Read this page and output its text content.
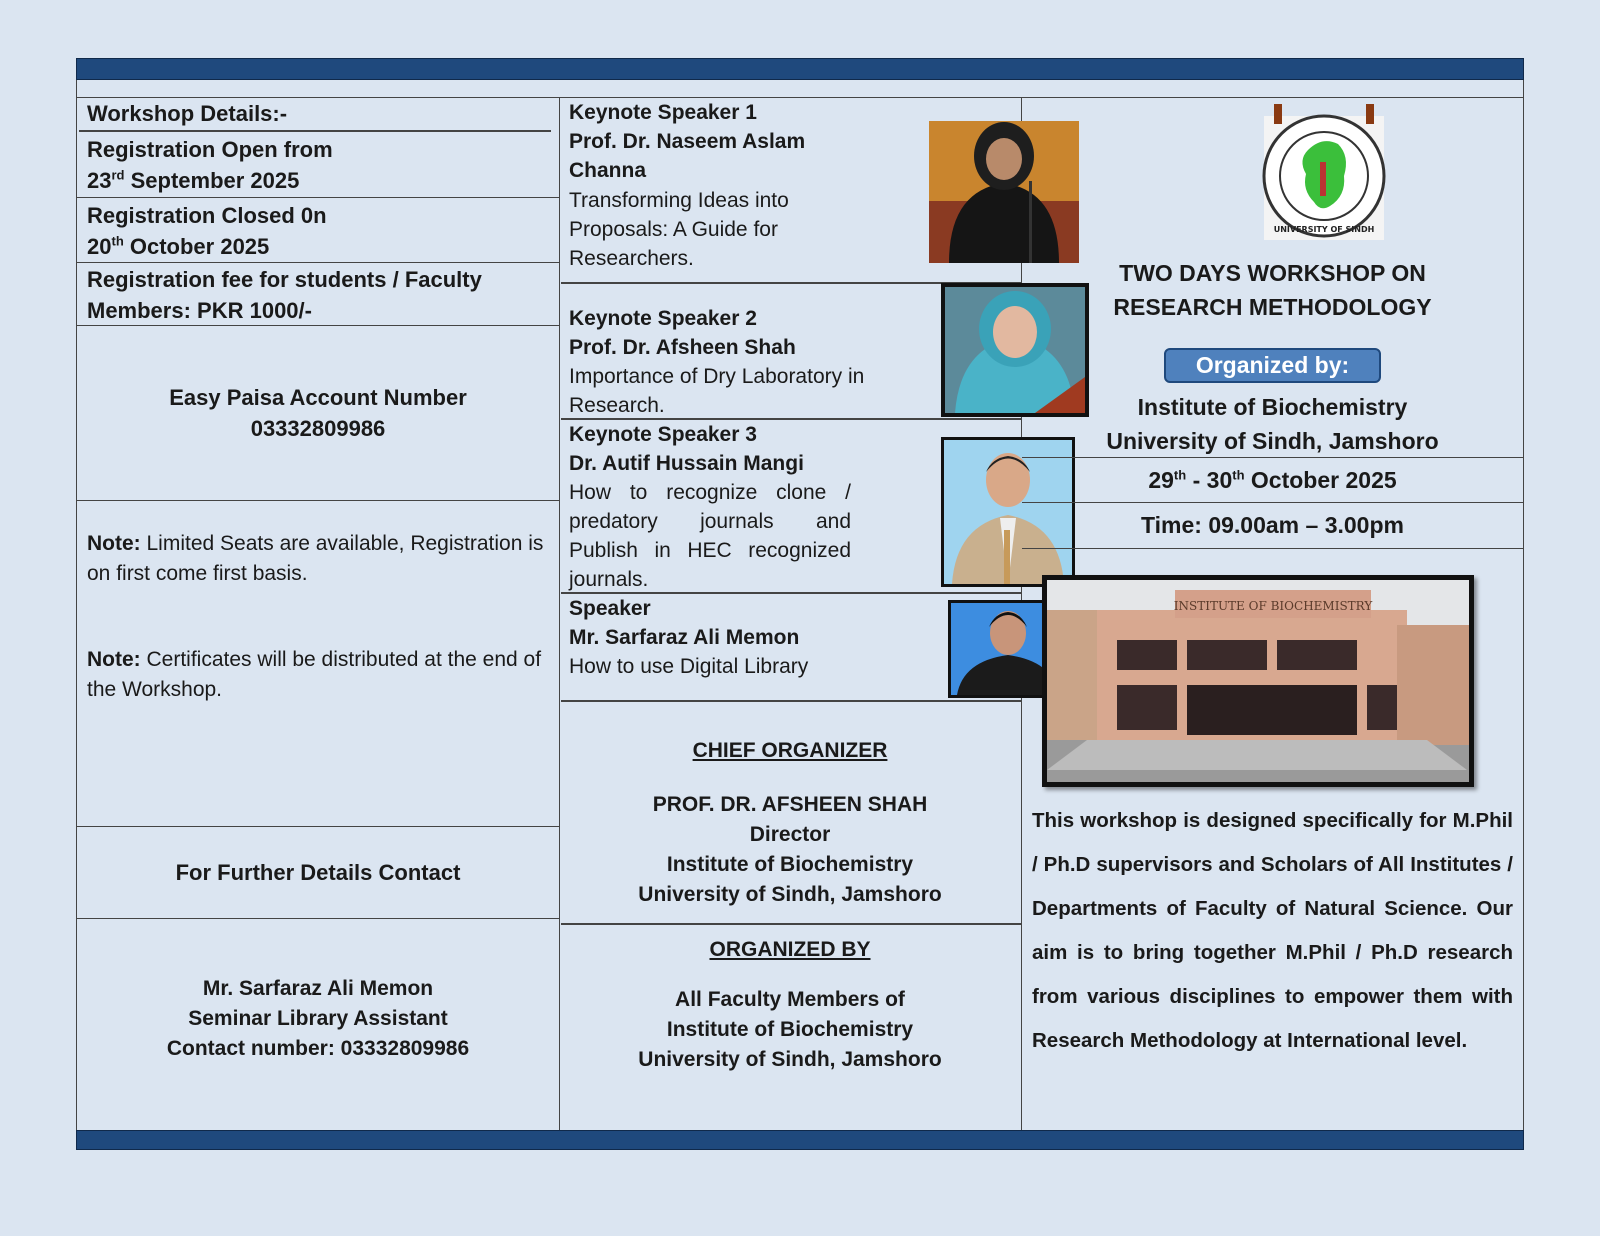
Workshop Details:-
Registration Open from
23rd September 2025
Registration Closed 0n
20th October 2025
Registration fee for students / Faculty
Members: PKR 1000/-
Easy Paisa Account Number
03332809986
Note: Limited Seats are available, Registration is on first come first basis.
Note: Certificates will be distributed at the end of the Workshop.
For Further Details Contact
Mr. Sarfaraz Ali Memon
Seminar Library Assistant
Contact number: 03332809986
Keynote Speaker 1
Prof. Dr. Naseem Aslam Channa
Transforming Ideas into Proposals: A Guide for Researchers.
Keynote Speaker 2
Prof. Dr. Afsheen Shah
Importance of Dry Laboratory in Research.
Keynote Speaker 3
Dr. Autif Hussain Mangi
How to recognize clone / predatory journals and Publish in HEC recognized journals.
Speaker
Mr. Sarfaraz Ali Memon
How to use Digital Library
CHIEF ORGANIZER
PROF. DR. AFSHEEN SHAH
Director
Institute of Biochemistry
University of Sindh, Jamshoro
ORGANIZED BY
All Faculty Members of
Institute of Biochemistry
University of Sindh, Jamshoro
UNIVERSITY OF SINDH
TWO DAYS WORKSHOP ON
RESEARCH METHODOLOGY
Organized by:
Institute of Biochemistry
University of Sindh, Jamshoro
29th - 30th October 2025
Time: 09.00am – 3.00pm
INSTITUTE OF BIOCHEMISTRY
This workshop is designed specifically for M.Phil / Ph.D supervisors and Scholars of All Institutes / Departments of Faculty of Natural Science. Our aim is to bring together M.Phil / Ph.D research from various disciplines to empower them with Research Methodology at International level.
